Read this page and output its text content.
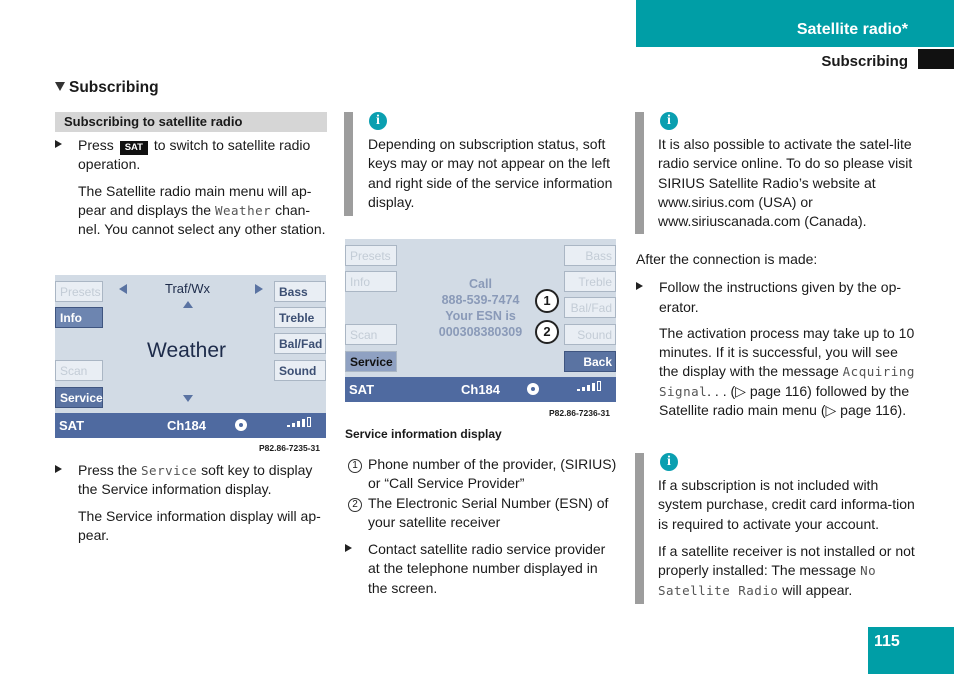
Satellite radio*
Subscribing
Subscribing
Subscribing to satellite radio
Press SAT to switch to satellite radio operation.
The Satellite radio main menu will ap-pear and displays the Weather chan-nel. You cannot select any other station.
Presets
Info
Scan
Service
Bass
Treble
Bal/Fad
Sound
Traf/Wx
Weather
SAT	Ch184
P82.86-7235-31
Press the Service soft key to display the Service information display.
The Service information display will ap-pear.
i
Depending on subscription status, soft keys may or may not appear on the left and right side of the service information display.
Presets
Info
Scan
Service
Bass
Treble
Bal/Fad
Sound
Back
Call
888-539-7474
Your ESN is
000308380309
1
2
SAT	Ch184
P82.86-7236-31
Service information display
1 Phone number of the provider, (SIRIUS) or “Call Service Provider”
2 The Electronic Serial Number (ESN) of your satellite receiver
Contact satellite radio service provider at the telephone number displayed in the screen.
i
It is also possible to activate the satel-lite radio service online. To do so please visit SIRIUS Satellite Radio’s website at www.sirius.com (USA) or www.siriuscanada.com (Canada).
After the connection is made:
Follow the instructions given by the op-erator.
The activation process may take up to 10 minutes. If it is successful, you will see the display with the message Acquiring Signal. . . (▷ page 116) followed by the Satellite radio main menu (▷ page 116).
i
If a subscription is not included with system purchase, credit card informa-tion is required to activate your account.
If a satellite receiver is not installed or not properly installed: The message No Satellite Radio will appear.
115
